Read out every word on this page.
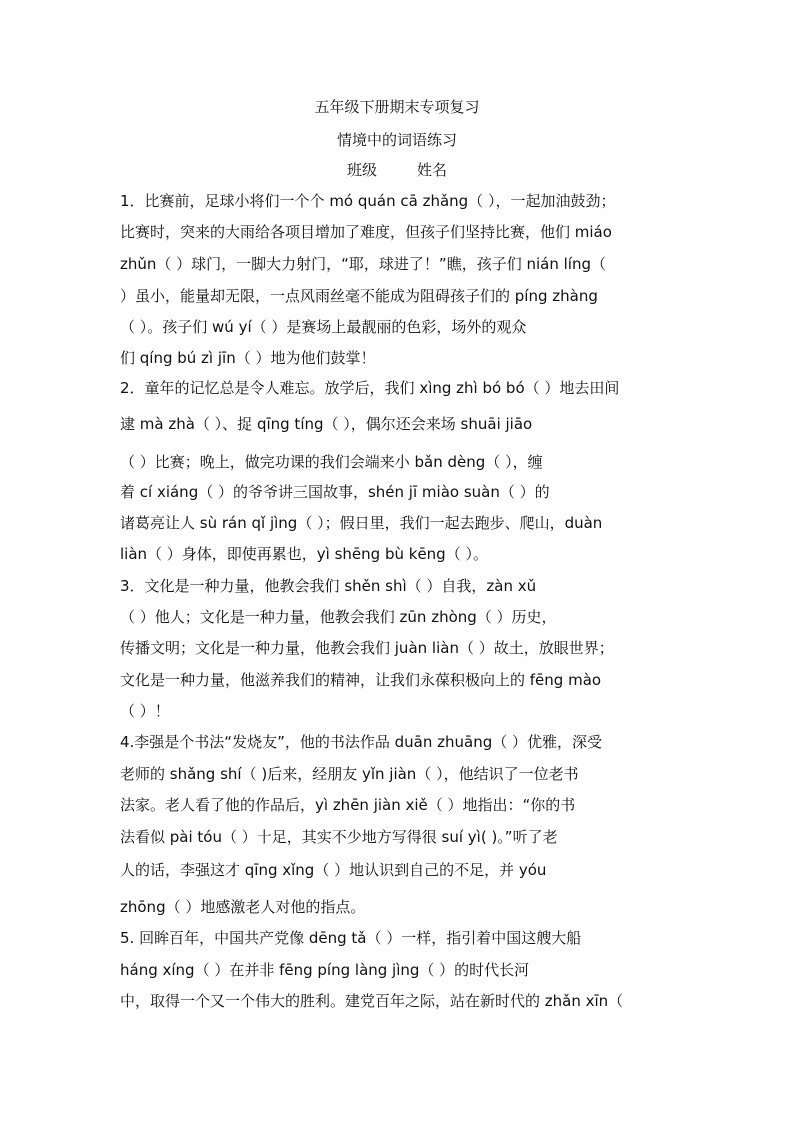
五年级下册期末专项复习
情境中的词语练习
班级	姓名
1．比赛前，足球小将们一个个 mó quán cā zhǎng（ ），一起加油鼓劲；
比赛时，突来的大雨给各项目增加了难度，但孩子们坚持比赛，他们 miáo
zhǔn（ ）球门，一脚大力射门，“耶，球进了！”瞧，孩子们 nián líng（
）虽小，能量却无限，一点风雨丝毫不能成为阻碍孩子们的 píng zhàng
（ ）。孩子们 wú yí（ ）是赛场上最靓丽的色彩，场外的观众
们 qíng bú zì jīn（ ）地为他们鼓掌！
2．童年的记忆总是令人难忘。放学后，我们 xìng zhì bó bó（ ）地去田间
逮 mà zhà（ ）、捉 qīng tíng（ ），偶尔还会来场 shuāi jiāo
（ ）比赛；晚上，做完功课的我们会端来小 bǎn dèng（ ），缠
着 cí xiáng（ ）的爷爷讲三国故事，shén jī miào suàn（ ）的
诸葛亮让人 sù rán qǐ jìng（ ）；假日里，我们一起去跑步、爬山，duàn
liàn（ ）身体，即使再累也，yì shēng bù kēng（ ）。
3．文化是一种力量，他教会我们 shěn shì（ ）自我，zàn xǔ
（ ）他人；文化是一种力量，他教会我们 zūn zhòng（ ）历史，
传播文明；文化是一种力量，他教会我们 juàn liàn（ ）故土，放眼世界；
文化是一种力量，他滋养我们的精神，让我们永葆积极向上的 fēng mào
（ ）！
4.李强是个书法“发烧友”，他的书法作品 duān zhuāng（ ）优雅，深受
老师的 shǎng shí（ )后来，经朋友 yǐn jiàn（ ），他结识了一位老书
法家。老人看了他的作品后，yì zhēn jiàn xiě（ ）地指出：“你的书
法看似 pài tóu（ ）十足，其实不少地方写得很 suí yì( )。”听了老
人的话，李强这才 qīng xǐng（ ）地认识到自己的不足，并 yóu
zhōng（ ）地感激老人对他的指点。
5. 回眸百年，中国共产党像 dēng tǎ（ ）一样，指引着中国这艘大船
háng xíng（ ）在并非 fēng píng làng jìng（ ）的时代长河
中，取得一个又一个伟大的胜利。建党百年之际，站在新时代的 zhǎn xīn（
